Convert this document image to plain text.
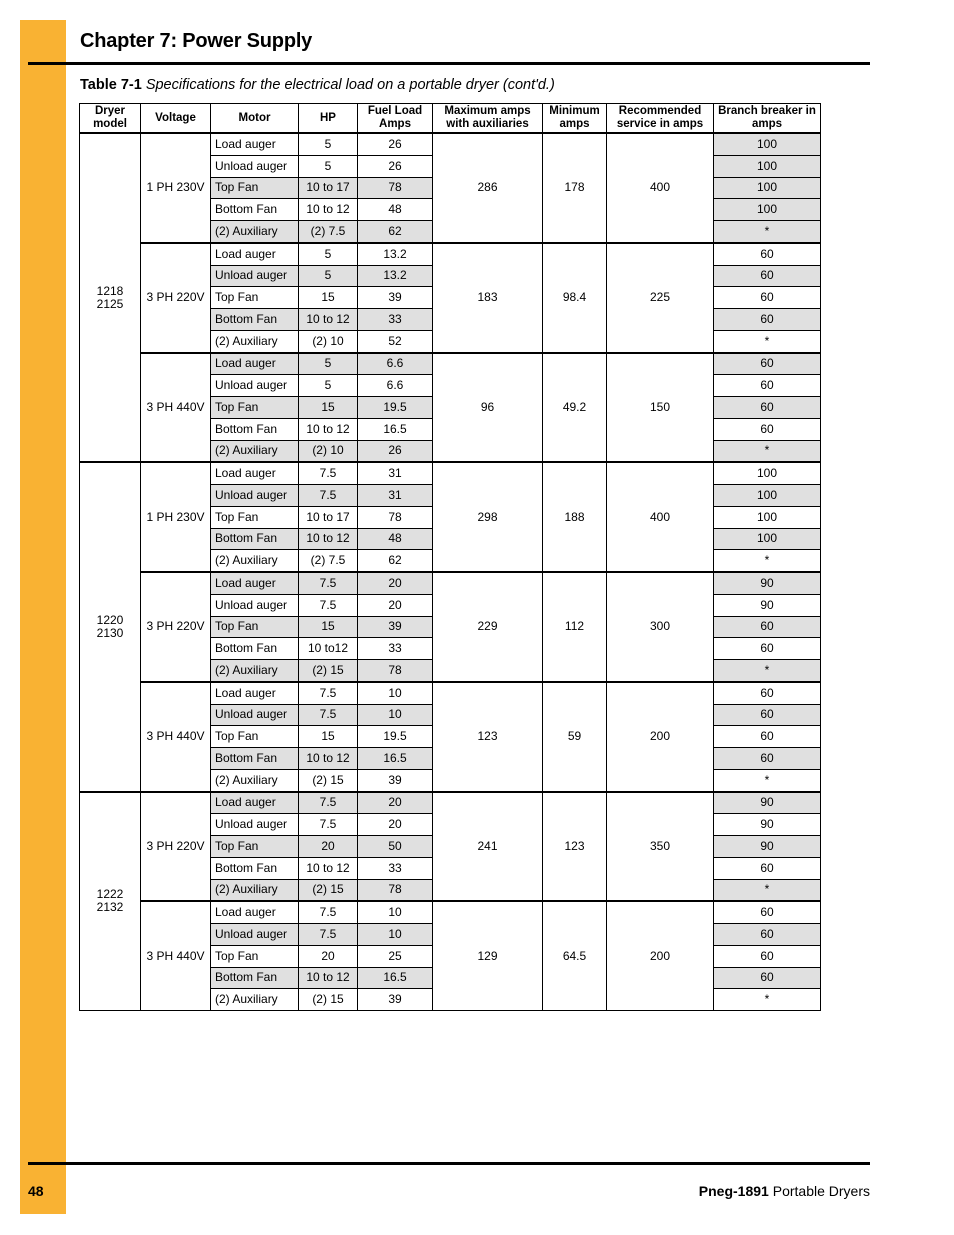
Chapter 7: Power Supply
Table 7-1 Specifications for the electrical load on a portable dryer (cont'd.)
Dryer model	Voltage	Motor	HP	Fuel Load Amps	Maximum amps with auxiliaries	Minimum amps	Recommended service in amps	Branch breaker in amps

1218
2125	1 PH 230V	Load auger	5	26	286	178	400	100
		Unload auger	5	26				100
		Top Fan	10 to 17	78				100
		Bottom Fan	10 to 12	48				100
		(2) Auxiliary	(2) 7.5	62				*
	3 PH 220V	Load auger	5	13.2	183	98.4	225	60
		Unload auger	5	13.2				60
		Top Fan	15	39				60
		Bottom Fan	10 to 12	33				60
		(2) Auxiliary	(2) 10	52				*
	3 PH 440V	Load auger	5	6.6	96	49.2	150	60
		Unload auger	5	6.6				60
		Top Fan	15	19.5				60
		Bottom Fan	10 to 12	16.5				60
		(2) Auxiliary	(2) 10	26				*

1220
2130	1 PH 230V	Load auger	7.5	31	298	188	400	100
		Unload auger	7.5	31				100
		Top Fan	10 to 17	78				100
		Bottom Fan	10 to 12	48				100
		(2) Auxiliary	(2) 7.5	62				*
	3 PH 220V	Load auger	7.5	20	229	112	300	90
		Unload auger	7.5	20				90
		Top Fan	15	39				60
		Bottom Fan	10 to12	33				60
		(2) Auxiliary	(2) 15	78				*
	3 PH 440V	Load auger	7.5	10	123	59	200	60
		Unload auger	7.5	10				60
		Top Fan	15	19.5				60
		Bottom Fan	10 to 12	16.5				60
		(2) Auxiliary	(2) 15	39				*

1222
2132	3 PH 220V	Load auger	7.5	20	241	123	350	90
		Unload auger	7.5	20				90
		Top Fan	20	50				90
		Bottom Fan	10 to 12	33				60
		(2) Auxiliary	(2) 15	78				*
	3 PH 440V	Load auger	7.5	10	129	64.5	200	60
		Unload auger	7.5	10				60
		Top Fan	20	25				60
		Bottom Fan	10 to 12	16.5				60
		(2) Auxiliary	(2) 15	39				*
48	Pneg-1891 Portable Dryers
